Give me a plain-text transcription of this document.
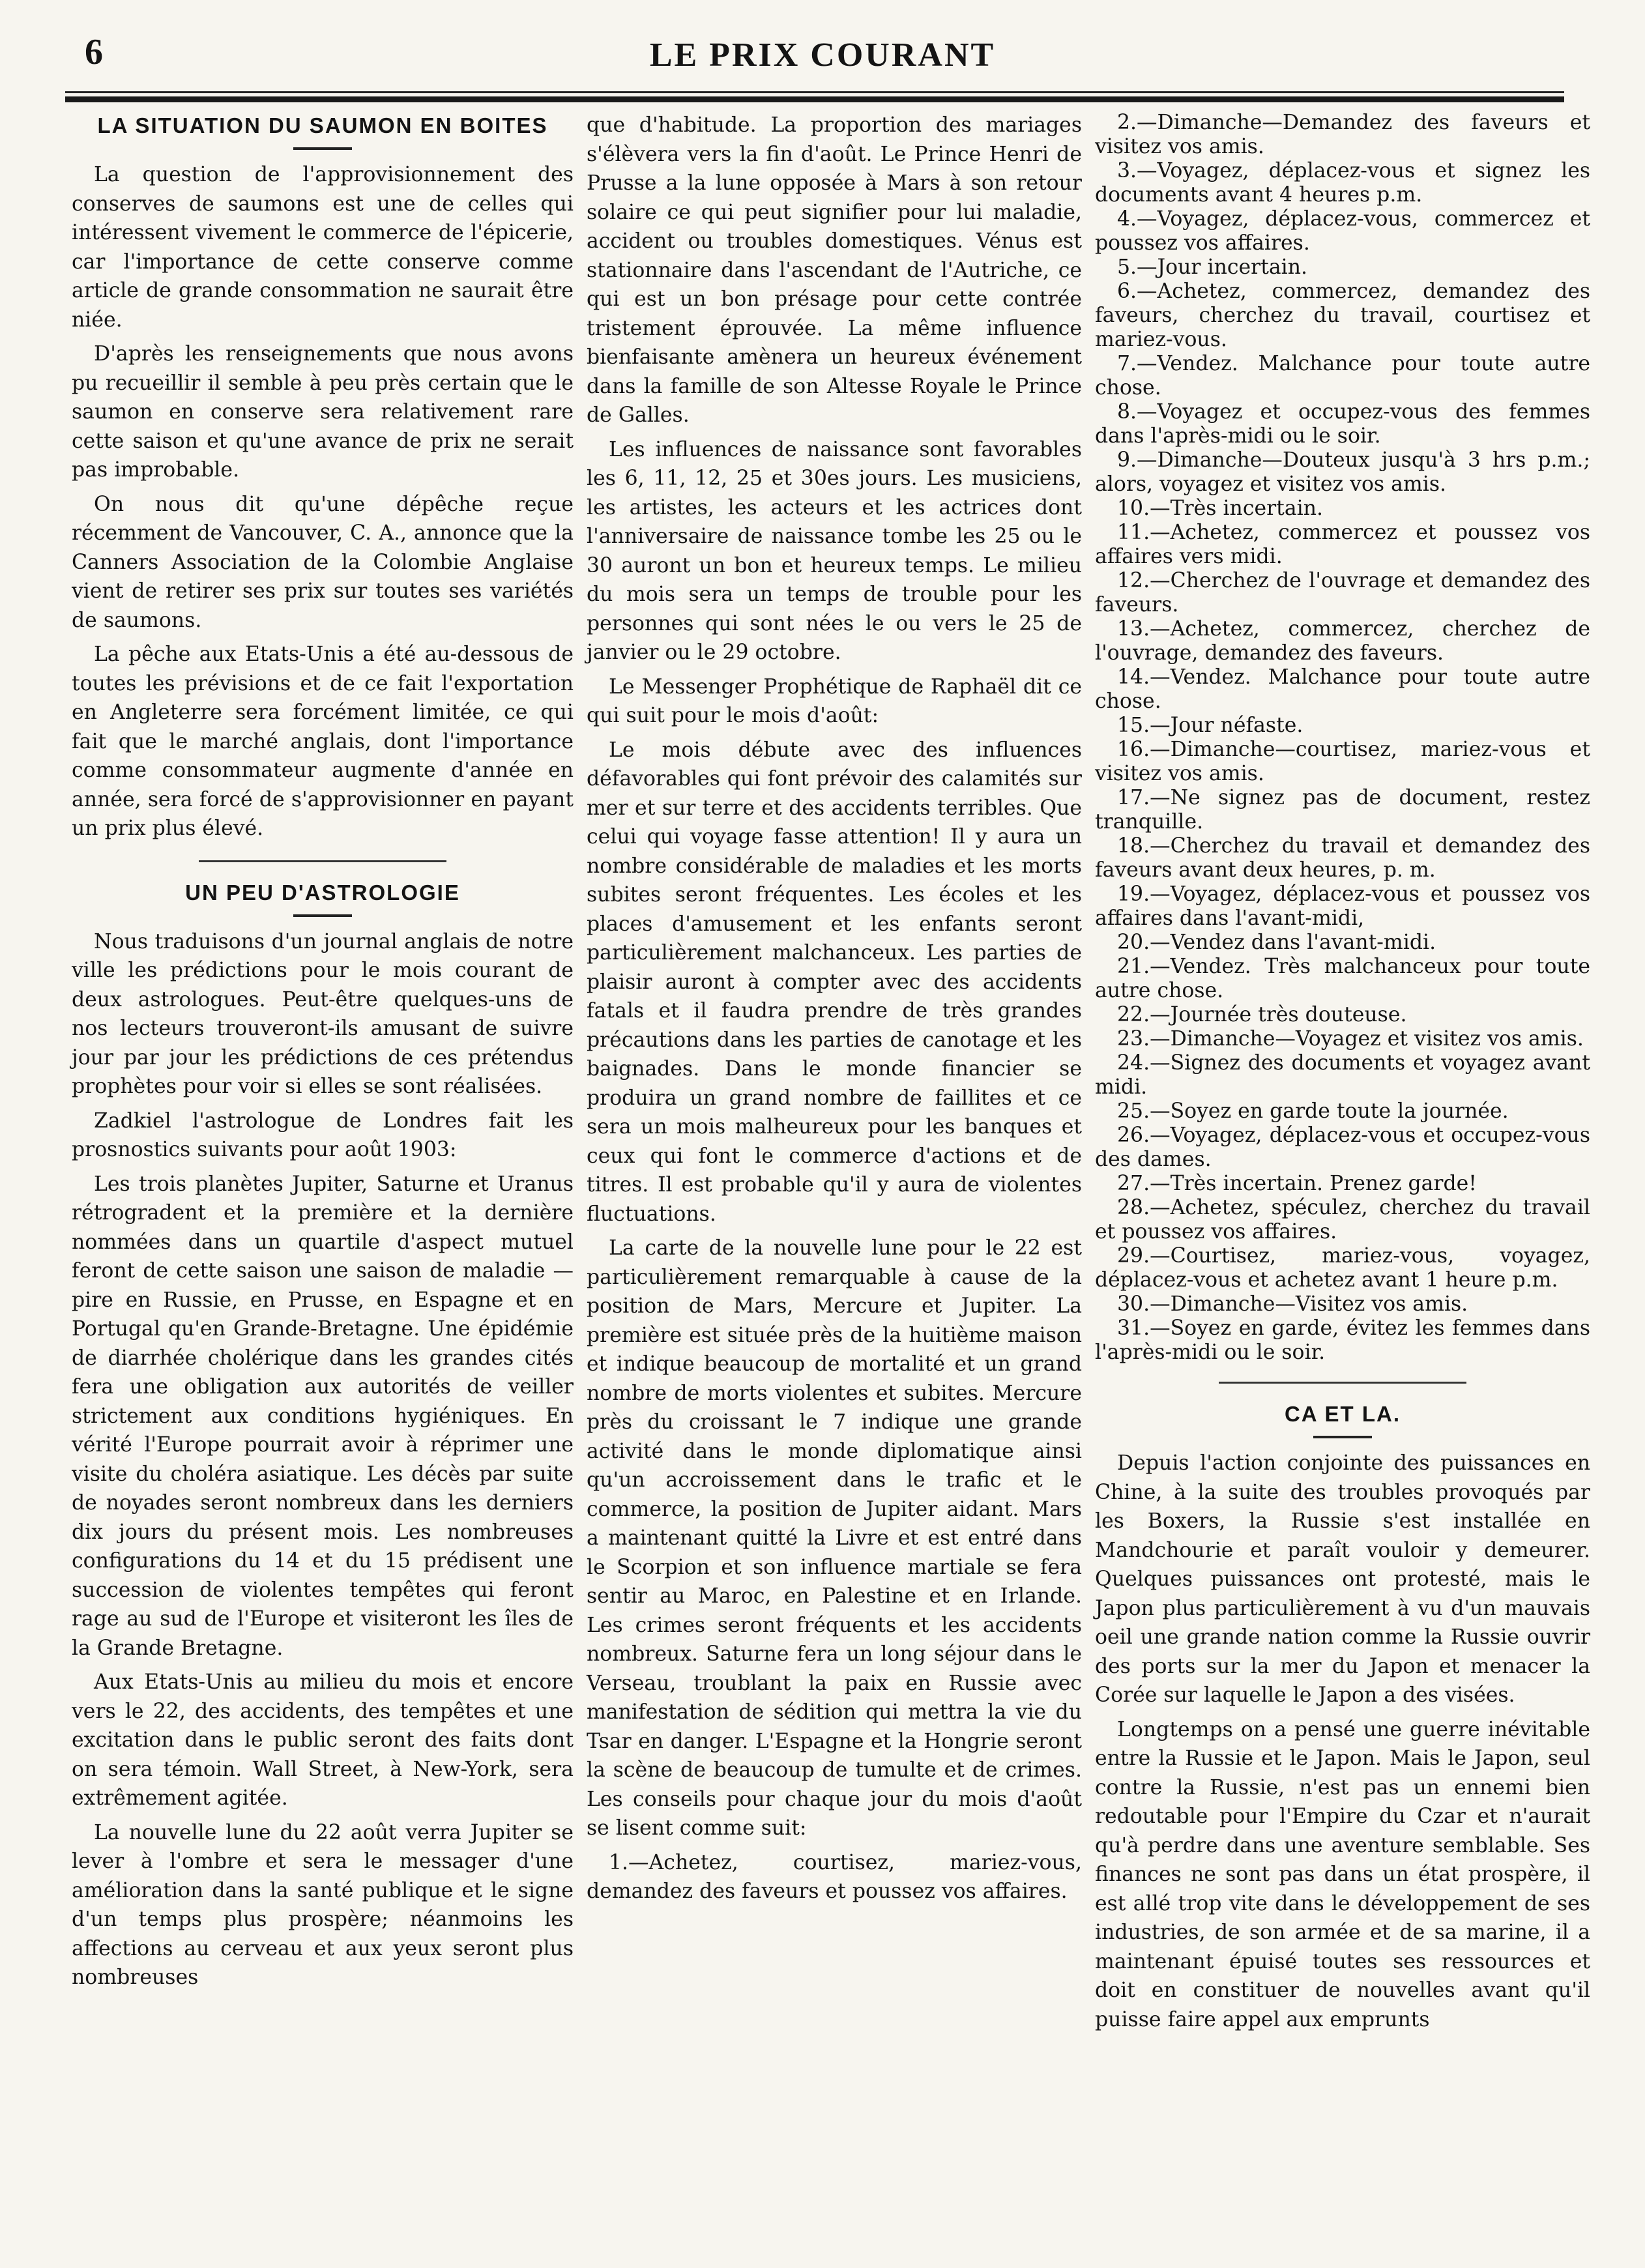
6	LE PRIX COURANT
LA SITUATION DU SAUMON EN BOITES

La question de l'approvisionnement des conserves de saumons est une de celles qui intéressent vivement le commerce de l'épicerie, car l'importance de cette conserve comme article de grande consommation ne saurait être niée.

D'après les renseignements que nous avons pu recueillir il semble à peu près certain que le saumon en conserve sera relativement rare cette saison et qu'une avance de prix ne serait pas improbable.

On nous dit qu'une dépêche reçue récemment de Vancouver, C. A., annonce que la Canners Association de la Colombie Anglaise vient de retirer ses prix sur toutes ses variétés de saumons.

La pêche aux Etats-Unis a été au-dessous de toutes les prévisions et de ce fait l'exportation en Angleterre sera forcément limitée, ce qui fait que le marché anglais, dont l'importance comme consommateur augmente d'année en année, sera forcé de s'approvisionner en payant un prix plus élevé.

UN PEU D'ASTROLOGIE

Nous traduisons d'un journal anglais de notre ville les prédictions pour le mois courant de deux astrologues. Peut-être quelques-uns de nos lecteurs trouveront-ils amusant de suivre jour par jour les prédictions de ces prétendus prophètes pour voir si elles se sont réalisées.

Zadkiel l'astrologue de Londres fait les prosnostics suivants pour août 1903:

Les trois planètes Jupiter, Saturne et Uranus rétrogradent et la première et la dernière nommées dans un quartile d'aspect mutuel feront de cette saison une saison de maladie — pire en Russie, en Prusse, en Espagne et en Portugal qu'en Grande-Bretagne. Une épidémie de diarrhée cholérique dans les grandes cités fera une obligation aux autorités de veiller strictement aux conditions hygiéniques. En vérité l'Europe pourrait avoir à réprimer une visite du choléra asiatique. Les décès par suite de noyades seront nombreux dans les derniers dix jours du présent mois. Les nombreuses configurations du 14 et du 15 prédisent une succession de violentes tempêtes qui feront rage au sud de l'Europe et visiteront les îles de la Grande Bretagne.

Aux Etats-Unis au milieu du mois et encore vers le 22, des accidents, des tempêtes et une excitation dans le public seront des faits dont on sera témoin. Wall Street, à New-York, sera extrêmement agitée.

La nouvelle lune du 22 août verra Jupiter se lever à l'ombre et sera le messager d'une amélioration dans la santé publique et le signe d'un temps plus prospère; néanmoins les affections au cerveau et aux yeux seront plus nombreuses

que d'habitude. La proportion des mariages s'élèvera vers la fin d'août. Le Prince Henri de Prusse a la lune opposée à Mars à son retour solaire ce qui peut signifier pour lui maladie, accident ou troubles domestiques. Vénus est stationnaire dans l'ascendant de l'Autriche, ce qui est un bon présage pour cette contrée tristement éprouvée. La même influence bienfaisante amènera un heureux événement dans la famille de son Altesse Royale le Prince de Galles.

Les influences de naissance sont favorables les 6, 11, 12, 25 et 30es jours. Les musiciens, les artistes, les acteurs et les actrices dont l'anniversaire de naissance tombe les 25 ou le 30 auront un bon et heureux temps. Le milieu du mois sera un temps de trouble pour les personnes qui sont nées le ou vers le 25 de janvier ou le 29 octobre.

Le Messenger Prophétique de Raphaël dit ce qui suit pour le mois d'août:

Le mois débute avec des influences défavorables qui font prévoir des calamités sur mer et sur terre et des accidents terribles. Que celui qui voyage fasse attention! Il y aura un nombre considérable de maladies et les morts subites seront fréquentes. Les écoles et les places d'amusement et les enfants seront particulièrement malchanceux. Les parties de plaisir auront à compter avec des accidents fatals et il faudra prendre de très grandes précautions dans les parties de canotage et les baignades. Dans le monde financier se produira un grand nombre de faillites et ce sera un mois malheureux pour les banques et ceux qui font le commerce d'actions et de titres. Il est probable qu'il y aura de violentes fluctuations.

La carte de la nouvelle lune pour le 22 est particulièrement remarquable à cause de la position de Mars, Mercure et Jupiter. La première est située près de la huitième maison et indique beaucoup de mortalité et un grand nombre de morts violentes et subites. Mercure près du croissant le 7 indique une grande activité dans le monde diplomatique ainsi qu'un accroissement dans le trafic et le commerce, la position de Jupiter aidant. Mars a maintenant quitté la Livre et est entré dans le Scorpion et son influence martiale se fera sentir au Maroc, en Palestine et en Irlande. Les crimes seront fréquents et les accidents nombreux. Saturne fera un long séjour dans le Verseau, troublant la paix en Russie avec manifestation de sédition qui mettra la vie du Tsar en danger. L'Espagne et la Hongrie seront la scène de beaucoup de tumulte et de crimes. Les conseils pour chaque jour du mois d'août se lisent comme suit:

1.—Achetez, courtisez, mariez-vous, demandez des faveurs et poussez vos affaires.

2.—Dimanche—Demandez des faveurs et visitez vos amis.

3.—Voyagez, déplacez-vous et signez les documents avant 4 heures p.m.

4.—Voyagez, déplacez-vous, commercez et poussez vos affaires.

5.—Jour incertain.

6.—Achetez, commercez, demandez des faveurs, cherchez du travail, courtisez et mariez-vous.

7.—Vendez. Malchance pour toute autre chose.

8.—Voyagez et occupez-vous des femmes dans l'après-midi ou le soir.

9.—Dimanche—Douteux jusqu'à 3 hrs p.m.; alors, voyagez et visitez vos amis.

10.—Très incertain.

11.—Achetez, commercez et poussez vos affaires vers midi.

12.—Cherchez de l'ouvrage et demandez des faveurs.

13.—Achetez, commercez, cherchez de l'ouvrage, demandez des faveurs.

14.—Vendez. Malchance pour toute autre chose.

15.—Jour néfaste.

16.—Dimanche—courtisez, mariez-vous et visitez vos amis.

17.—Ne signez pas de document, restez tranquille.

18.—Cherchez du travail et demandez des faveurs avant deux heures, p. m.

19.—Voyagez, déplacez-vous et poussez vos affaires dans l'avant-midi,

20.—Vendez dans l'avant-midi.

21.—Vendez. Très malchanceux pour toute autre chose.

22.—Journée très douteuse.

23.—Dimanche—Voyagez et visitez vos amis.

24.—Signez des documents et voyagez avant midi.

25.—Soyez en garde toute la journée.

26.—Voyagez, déplacez-vous et occupez-vous des dames.

27.—Très incertain. Prenez garde!

28.—Achetez, spéculez, cherchez du travail et poussez vos affaires.

29.—Courtisez, mariez-vous, voyagez, déplacez-vous et achetez avant 1 heure p.m.

30.—Dimanche—Visitez vos amis.

31.—Soyez en garde, évitez les femmes dans l'après-midi ou le soir.

CA ET LA.

Depuis l'action conjointe des puissances en Chine, à la suite des troubles provoqués par les Boxers, la Russie s'est installée en Mandchourie et paraît vouloir y demeurer. Quelques puissances ont protesté, mais le Japon plus particulièrement à vu d'un mauvais oeil une grande nation comme la Russie ouvrir des ports sur la mer du Japon et menacer la Corée sur laquelle le Japon a des visées.

Longtemps on a pensé une guerre inévitable entre la Russie et le Japon. Mais le Japon, seul contre la Russie, n'est pas un ennemi bien redoutable pour l'Empire du Czar et n'aurait qu'à perdre dans une aventure semblable. Ses finances ne sont pas dans un état prospère, il est allé trop vite dans le développement de ses industries, de son armée et de sa marine, il a maintenant épuisé toutes ses ressources et doit en constituer de nouvelles avant qu'il puisse faire appel aux emprunts
